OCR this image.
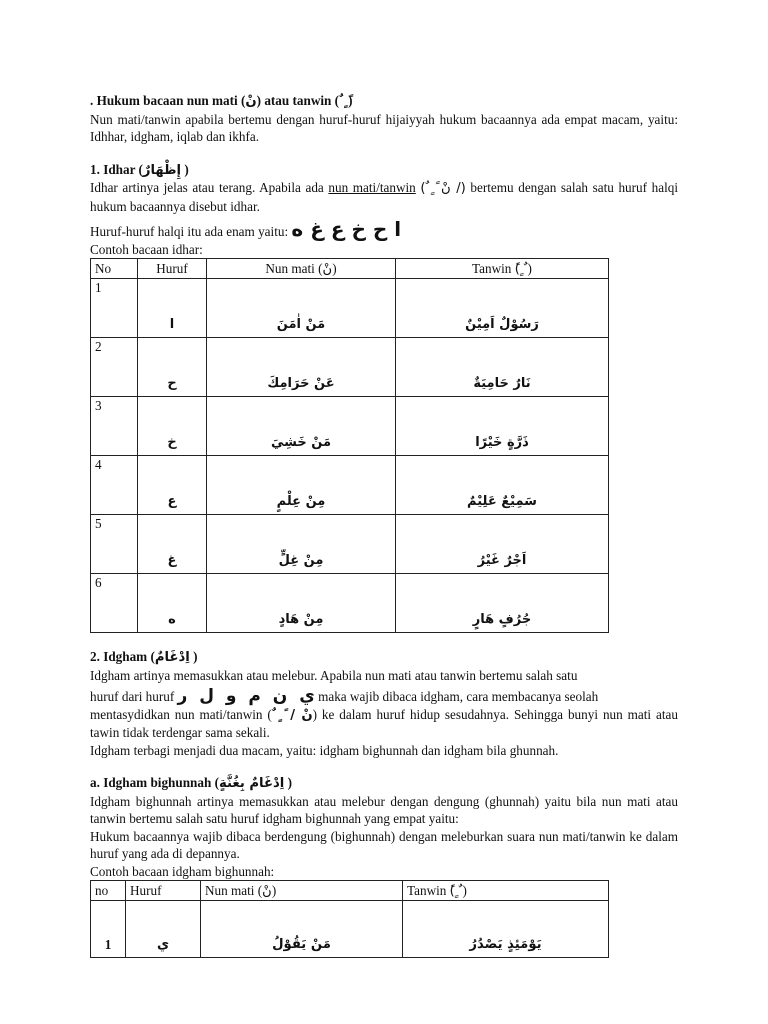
. Hukum bacaan nun mati (نْ) atau tanwin (ً ٍ ٌ)

Nun mati/tanwin apabila bertemu dengan huruf-huruf hijaiyyah hukum bacaannya ada empat macam, yaitu: Idhhar, idgham, iqlab dan ikhfa.

1. Idhar (إِظْهَارٌ )

Idhar artinya jelas atau terang. Apabila ada nun mati/tanwin (/ نْ ً ٍ ٌ) bertemu dengan salah satu huruf halqi hukum bacaannya disebut idhar.

Huruf-huruf halqi itu ada enam yaitu: ا ح خ ع غ ه

Contoh bacaan idhar:

No	Huruf	Nun mati (نْ)	Tanwin (ً ٍ ٌ)
1	ا	مَنْ اٰمَنَ	رَسُوْلٌ اَمِيْنٌ
2	ح	عَنْ حَرَامِكَ	نَارٌ حَامِيَةٌ
3	خ	مَنْ خَشِيَ	ذَرَّةٍ خَيْرًا
4	ع	مِنْ عِلْمٍ	سَمِيْعٌ عَلِيْمٌ
5	غ	مِنْ غِلٍّ	اَجْرٌ غَيْرُ
6	ه	مِنْ هَادٍ	جُرُفٍ هَارٍ

2. Idgham (اِدْغَامٌ )

Idgham artinya memasukkan atau melebur. Apabila nun mati atau tanwin bertemu salah satu

huruf dari huruf ي ن م و ل ر maka wajib dibaca idgham, cara membacanya seolah

mentasydidkan nun mati/tanwin (نْ / ً ٍ ٌ) ke dalam huruf hidup sesudahnya. Sehingga bunyi nun mati atau tawin tidak terdengar sama sekali.

Idgham terbagi menjadi dua macam, yaitu: idgham bighunnah dan idgham bila ghunnah.

a. Idgham bighunnah (اِدْغَامٌ بِغُنَّةٍ )

Idgham bighunnah artinya memasukkan atau melebur dengan dengung (ghunnah) yaitu bila nun mati atau tanwin bertemu salah satu huruf idgham bighunnah yang empat yaitu:

Hukum bacaannya wajib dibaca berdengung (bighunnah) dengan meleburkan suara nun mati/tanwin ke dalam huruf yang ada di depannya.

Contoh bacaan idgham bighunnah:

no	Huruf	Nun mati (نْ)	Tanwin (ً ٍ ٌ)
1	ي	مَنْ يَقُوْلُ	يَوْمَئِذٍ يَصْدُرُ
